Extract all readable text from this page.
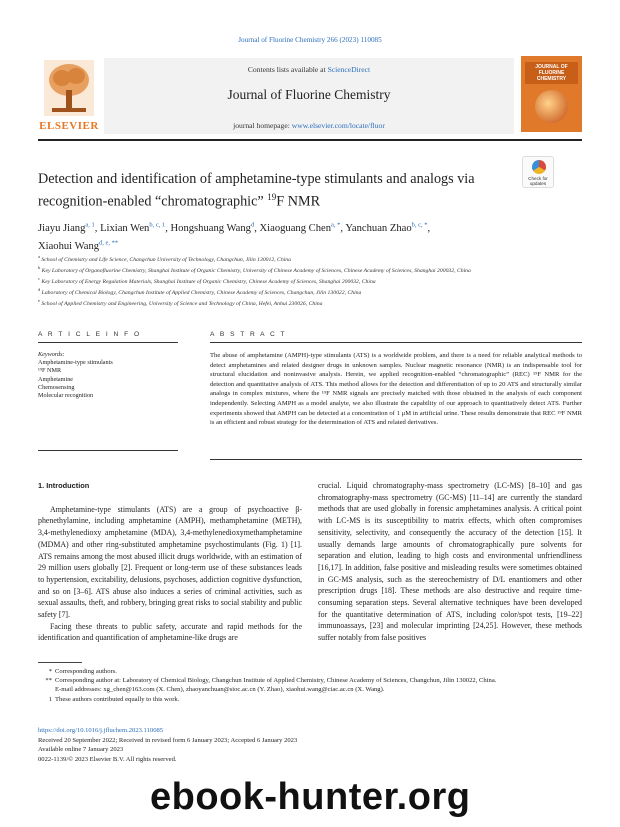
Journal of Fluorine Chemistry 266 (2023) 110085
ELSEVIER
Contents lists available at ScienceDirect
Journal of Fluorine Chemistry
journal homepage: www.elsevier.com/locate/fluor
JOURNAL OF FLUORINE CHEMISTRY
Detection and identification of amphetamine-type stimulants and analogs via recognition-enabled “chromatographic” $^{19}$F NMR
Check for updates
Jiayu Jiang$^{a, 1}$, Lixian Wen$^{b, c, 1}$, Hongshuang Wang$^d$, Xiaoguang Chen$^{a, *}$, Yanchuan Zhao$^{b, c, *}$,
Xiaohui Wang$^{d, e, **}$
$^a$ School of Chemistry and Life Science, Changchun University of Technology, Changchun, Jilin 130012, China
$^b$ Key Laboratory of Organofluorine Chemistry, Shanghai Institute of Organic Chemistry, University of Chinese Academy of Sciences, Chinese Academy of Sciences, Shanghai 200032, China
$^c$ Key Laboratory of Energy Regulation Materials, Shanghai Institute of Organic Chemistry, Chinese Academy of Sciences, Shanghai 200032, China
$^d$ Laboratory of Chemical Biology, Changchun Institute of Applied Chemistry, Chinese Academy of Sciences, Changchun, Jilin 130022, China
$^e$ School of Applied Chemistry and Engineering, University of Science and Technology of China, Hefei, Anhui 230026, China
A R T I C L E I N F O	A B S T R A C T
Keywords:
Amphetamine-type stimulants
¹⁹F NMR
Amphetamine
Chemosensing
Molecular recognition
The abuse of amphetamine (AMPH)-type stimulants (ATS) is a worldwide problem, and there is a need for reliable analytical methods to detect amphetamines and related designer drugs in unknown samples. Nuclear magnetic resonance (NMR) is an indispensable tool for structural elucidation and noninvasive analysis. Herein, we applied recognition-enabled “chromatographic” (REC) ¹⁹F NMR for the detection and quantitative analysis of ATS. This method allows for the detection and differentiation of up to 20 ATS and structurally similar analogs in complex mixtures, where the ¹⁹F NMR signals are precisely matched with those obtained in the analysis of each component independently. Selecting AMPH as a model analyte, we also illustrate the capability of our approach to quantitatively detect ATS. Further experiments showed that AMPH can be detected at a concentration of 1 μM in artificial urine. These results demonstrate that REC ¹⁹F NMR is an efficient and robust strategy for the determination of ATS and related derivatives.
1. Introduction

Amphetamine-type stimulants (ATS) are a group of psychoactive β-phenethylamine, including amphetamine (AMPH), methamphetamine (METH), 3,4-methylenedioxy amphetamine (MDA), 3,4-methylenedioxymethamphetamine (MDMA) and other ring-substituted amphetamine psychostimulants (Fig. 1) [1]. ATS remains among the most abused illicit drugs worldwide, with an estimation of 29 million users globally [2]. Frequent or long-term use of these substances leads to hypertension, excitability, delusions, psychoses, addiction cognitive dysfunction, and so on [3–6]. ATS abuse also induces a series of criminal activities, such as sexual assaults, theft, and robbery, bringing great risks to social stability and public safety [7].

Facing these threats to public safety, accurate and rapid methods for the identification and quantification of amphetamine-like drugs are

crucial. Liquid chromatography-mass spectrometry (LC-MS) [8–10] and gas chromatography-mass spectrometry (GC-MS) [11–14] are currently the standard methods that are used globally in forensic amphetamines analysis. A critical point with LC-MS is its susceptibility to matrix effects, which often compromises sensitivity, selectivity, and consequently the accuracy of the detection [15]. It usually demands large amounts of chromatographically pure solvents for separation and elution, leading to high costs and environmental unfriendliness [16,17]. In addition, false positive and misleading results were sometimes obtained in GC-MS analysis, such as the stereochemistry of D/L enantiomers and other prescription drugs [18]. These methods are also destructive and require time-consuming separation steps. Several alternative techniques have been developed for the quantitative determination of ATS, including color/spot tests, [19–22] immunoassays, [23] and molecular imprinting [24,25]. However, these methods suffer notably from false positives

* Corresponding authors.
** Corresponding author at: Laboratory of Chemical Biology, Changchun Institute of Applied Chemistry, Chinese Academy of Sciences, Changchun, Jilin 130022, China.
E-mail addresses: xg_chen@163.com (X. Chen), zhaoyanchuan@sioc.ac.cn (Y. Zhao), xiaohui.wang@ciac.ac.cn (X. Wang).
1 These authors contributed equally to this work.
https://doi.org/10.1016/j.jfluchem.2023.110085
Received 20 September 2022; Received in revised form 6 January 2023; Accepted 6 January 2023
Available online 7 January 2023
0022-1139/© 2023 Elsevier B.V. All rights reserved.
ebook-hunter.org
